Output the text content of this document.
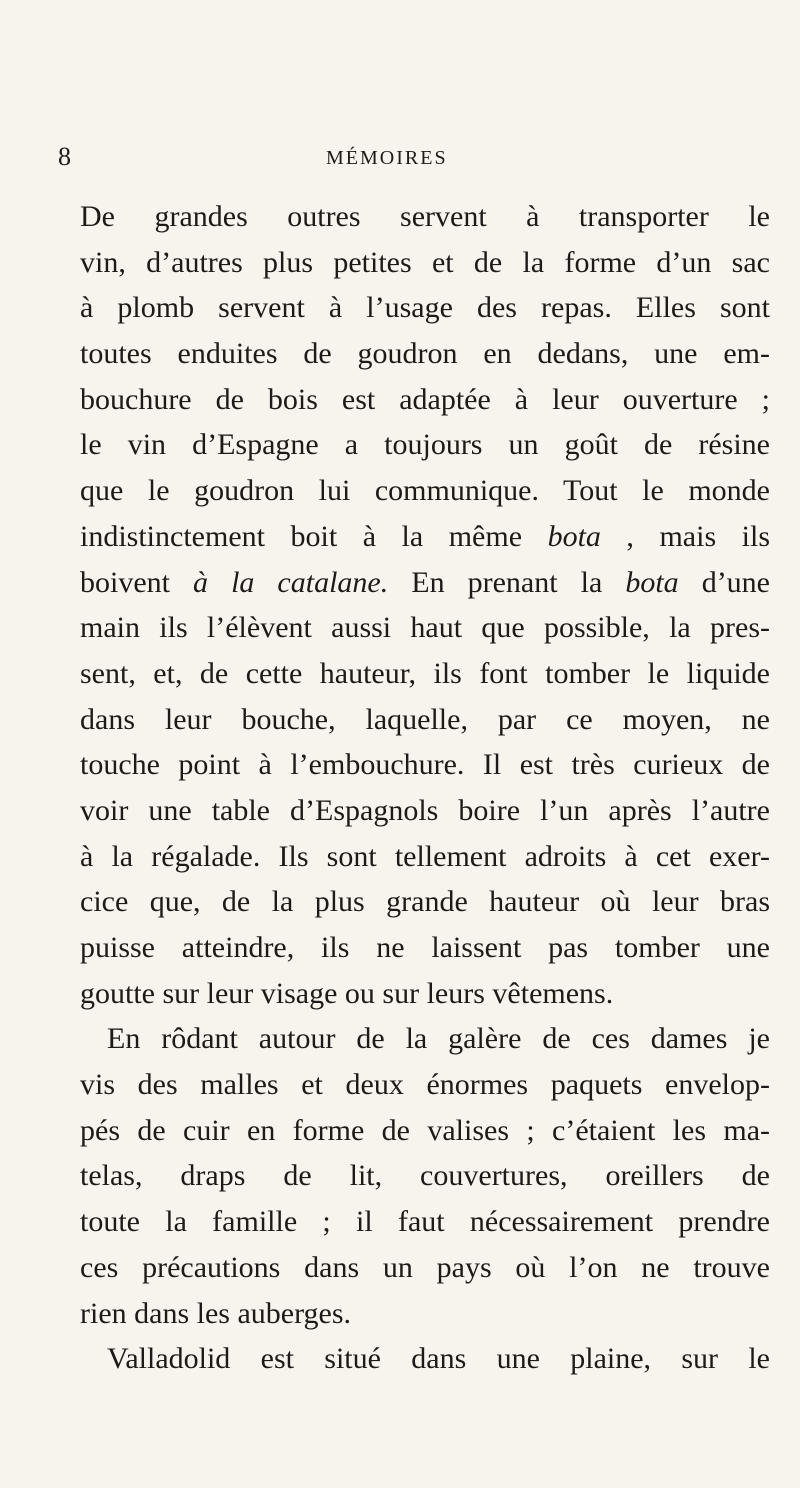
8	MÉMOIRES
De grandes outres servent à transporter le
vin, d’autres plus petites et de la forme d’un sac
à plomb servent à l’usage des repas. Elles sont
toutes enduites de goudron en dedans, une em-
bouchure de bois est adaptée à leur ouverture ;
le vin d’Espagne a toujours un goût de résine
que le goudron lui communique. Tout le monde
indistinctement boit à la même bota , mais ils
boivent à la catalane. En prenant la bota d’une
main ils l’élèvent aussi haut que possible, la pres-
sent, et, de cette hauteur, ils font tomber le liquide
dans leur bouche, laquelle, par ce moyen, ne
touche point à l’embouchure. Il est très curieux de
voir une table d’Espagnols boire l’un après l’autre
à la régalade. Ils sont tellement adroits à cet exer-
cice que, de la plus grande hauteur où leur bras
puisse atteindre, ils ne laissent pas tomber une
goutte sur leur visage ou sur leurs vêtemens.
En rôdant autour de la galère de ces dames je
vis des malles et deux énormes paquets envelop-
pés de cuir en forme de valises ; c’étaient les ma-
telas, draps de lit, couvertures, oreillers de
toute la famille ; il faut nécessairement prendre
ces précautions dans un pays où l’on ne trouve
rien dans les auberges.
Valladolid est situé dans une plaine, sur le
